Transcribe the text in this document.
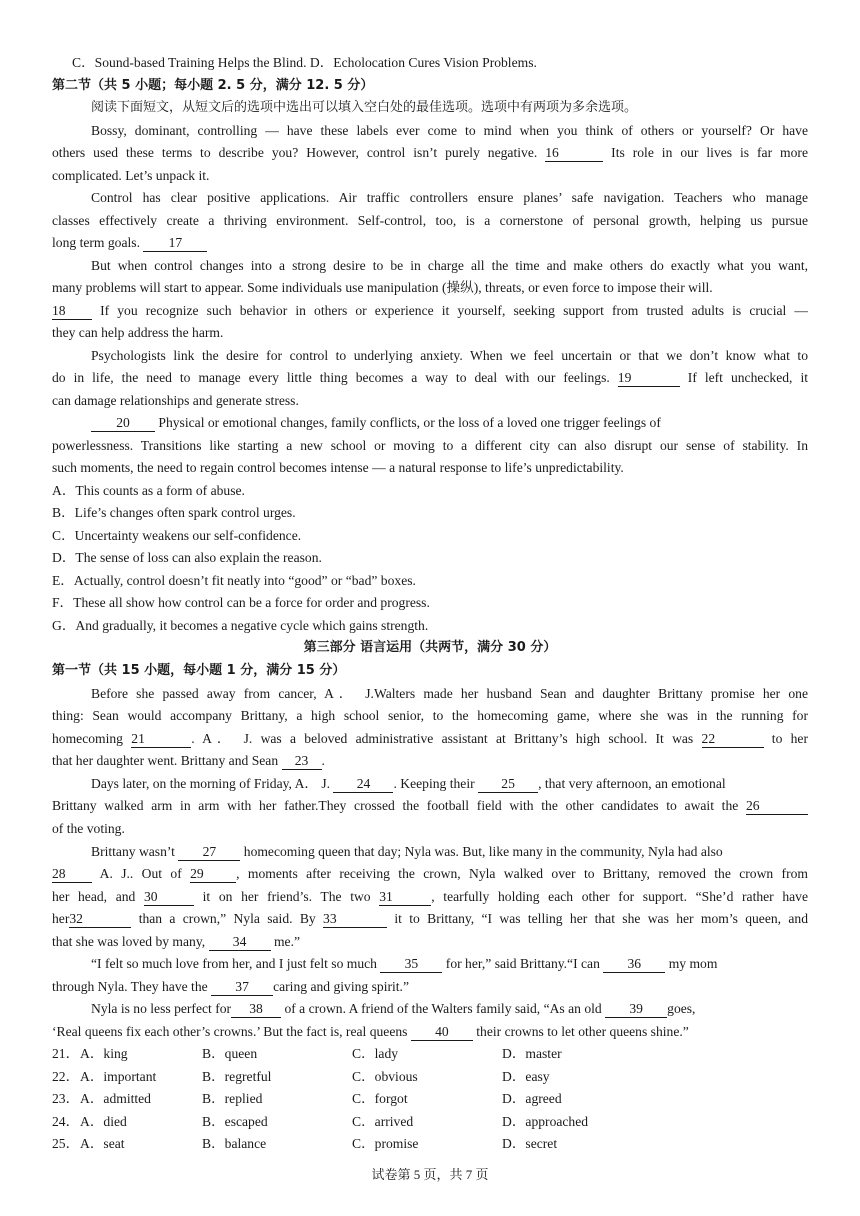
C．Sound-based Training Helps the Blind. D．Echolocation Cures Vision Problems.
第二节（共 5 小题；每小题 2. 5 分，满分 12. 5 分）
阅读下面短文，从短文后的选项中选出可以填入空白处的最佳选项。选项中有两项为多余选项。
Bossy, dominant, controlling — have these labels ever come to mind when you think of others or yourself? Or have
others used these terms to describe you? However, control isn’t purely negative. 16	Its role in our lives is far more
complicated. Let’s unpack it.
Control has clear positive applications. Air traffic controllers ensure planes’ safe navigation. Teachers who manage
classes effectively create a thriving environment. Self-control, too, is a cornerstone of personal growth, helping us pursue
long term goals. 17
But when control changes into a strong desire to be in charge all the time and make others do exactly what you want,
many problems will start to appear. Some individuals use manipulation (操纵), threats, or even force to impose their will.
18	If you recognize such behavior in others or experience it yourself, seeking support from trusted adults is crucial —
they can help address the harm.
Psychologists link the desire for control to underlying anxiety. When we feel uncertain or that we don’t know what to
do in life, the need to manage every little thing becomes a way to deal with our feelings. 19	If left unchecked, it
can damage relationships and generate stress.
20 Physical or emotional changes, family conflicts, or the loss of a loved one trigger feelings of
powerlessness. Transitions like starting a new school or moving to a different city can also disrupt our sense of stability. In
such moments, the need to regain control becomes intense — a natural response to life’s unpredictability.
A．This counts as a form of abuse.
B．Life’s changes often spark control urges.
C．Uncertainty weakens our self-confidence.
D．The sense of loss can also explain the reason.
E．Actually, control doesn’t fit neatly into “good” or “bad” boxes.
F．These all show how control can be a force for order and progress.
G．And gradually, it becomes a negative cycle which gains strength.
第三部分 语言运用（共两节，满分 30 分）
第一节（共 15 小题，每小题 1 分，满分 15 分）
Before she passed away from cancer, A． J.Walters made her husband Sean and daughter Brittany promise her one
thing: Sean would accompany Brittany, a high school senior, to the homecoming game, where she was in the running for
homecoming 21	. A． J. was a beloved administrative assistant at Brittany’s high school. It was 22	to her
that her daughter went. Brittany and Sean 23 .
Days later, on the morning of Friday, A． J. 24 . Keeping their 25 , that very afternoon, an emotional
Brittany walked arm in arm with her father.They crossed the football field with the other candidates to await the 26
of the voting.
Brittany wasn’t 27 homecoming queen that day; Nyla was. But, like many in the community, Nyla had also
28	A. J.. Out of 29 , moments after receiving the crown, Nyla walked over to Brittany, removed the crown from
her head, and 30	it on her friend’s. The two 31	, tearfully holding each other for support. “She’d rather have
her32	than a crown,” Nyla said. By 33	it to Brittany, “I was telling her that she was her mom’s queen, and
that she was loved by many, 34 me.”
“I felt so much love from her, and I just felt so much 35 for her,” said Brittany.“I can 36 my mom
through Nyla. They have the 37 caring and giving spirit.”
Nyla is no less perfect for 38 of a crown. A friend of the Walters family said, “As an old 39 goes,
‘Real queens fix each other’s crowns.’ But the fact is, real queens 40 their crowns to let other queens shine.”
21． A．king	B．queen	C．lady	D．master
22． A．important	B．regretful	C．obvious	D．easy
23． A．admitted	B．replied	C．forgot	D．agreed
24． A．died	B．escaped	C．arrived	D．approached
25． A．seat	B．balance	C．promise	D．secret
试卷第 5 页，共 7 页
